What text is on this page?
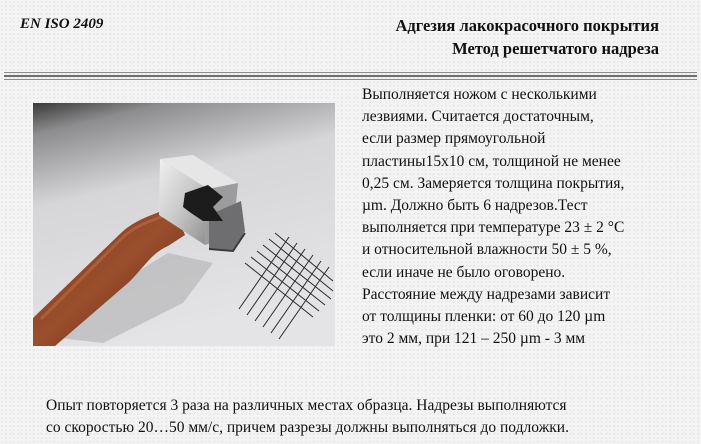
EN ISO 2409	Адгезия лакокрасочного покрытия
Метод решетчатого надреза
Выполняется ножом с несколькими
лезвиями. Считается достаточным,
если размер прямоугольной
пластины15х10 см, толщиной не менее
0,25 см. Замеряется толщина покрытия,
µm. Должно быть 6 надрезов.Тест
выполняется при температуре 23 ± 2 °С
и относительной влажности 50 ± 5 %,
если иначе не было оговорено.
Расстояние между надрезами зависит
от толщины пленки: от 60 до 120 µm
это 2 мм, при 121 – 250 µm - 3 мм
Опыт повторяется 3 раза на различных местах образца. Надрезы выполняются
со скоростью 20…50 мм/с, причем разрезы должны выполняться до подложки.
